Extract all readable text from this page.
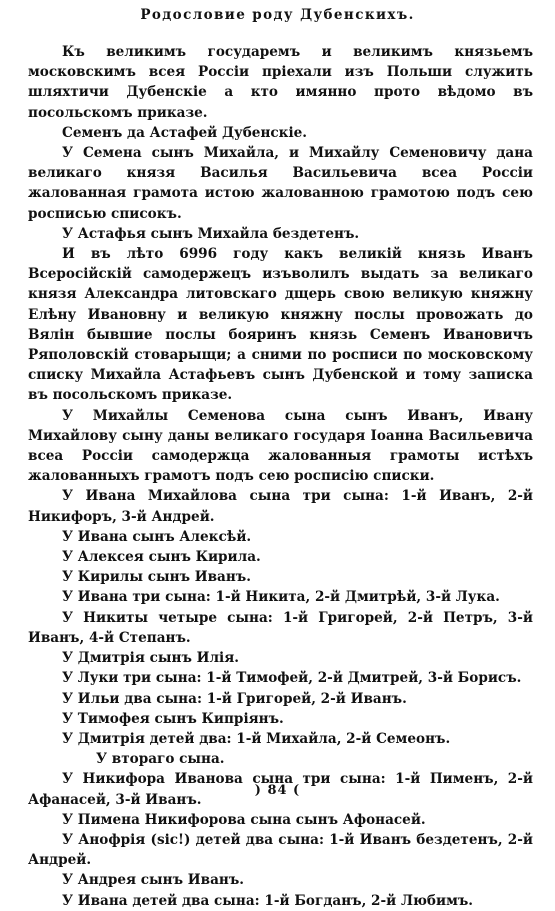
Родословие роду Дубенскихъ.

Къ великимъ государемъ и великимъ князьемъ московскимъ всея Россіи пріехали изъ Польши служить шляхтичи Дубенскіе а кто имянно прото вѣдомо въ посольскомъ приказе.

Семенъ да Астафей Дубенскіе.

У Семена сынъ Михайла, и Михайлу Семеновичу дана великаго князя Василья Васильевича всеа Россіи жалованная грамота истою жалованною грамотою подъ сею росписью списокъ.

У Астафья сынъ Михайла бездетенъ.

И въ лѣто 6996 году какъ великій князь Иванъ Всеросійскій самодержецъ изъволилъ выдать за великаго князя Александра литовскаго дщерь свою великую княжну Елѣну Ивановну и великую княжну послы провожать до Вялін бывшие послы бояринъ князь Семенъ Ивановичъ Ряполовскій стоварыщи; а сними по росписи по московскому списку Михайла Астафьевъ сынъ Дубенской и тому записка въ посольскомъ приказе.

У Михайлы Семенова сына сынъ Иванъ, Ивану Михайлову сыну даны великаго государя Іоанна Васильевича всеа Россіи самодержца жалованныя грамоты истѣхъ жалованныхъ грамотъ подъ сею росписію списки.

У Ивана Михайлова сына три сына: 1-й Иванъ, 2-й Никифоръ, 3-й Андрей.

У Ивана сынъ Алексѣй.

У Алексея сынъ Кирила.

У Кирилы сынъ Иванъ.

У Ивана три сына: 1-й Никита, 2-й Дмитрѣй, 3-й Лука.

У Никиты четыре сына: 1-й Григорей, 2-й Петръ, 3-й Иванъ, 4-й Степанъ.

У Дмитрія сынъ Илія.

У Луки три сына: 1-й Тимофей, 2-й Дмитрей, 3-й Борисъ.

У Ильи два сына: 1-й Григорей, 2-й Иванъ.

У Тимофея сынъ Кипріянъ.

У Дмитрія детей два: 1-й Михайла, 2-й Семеонъ.

У втораго сына.

У Никифора Иванова сына три сына: 1-й Пименъ, 2-й Афанасей, 3-й Иванъ.

У Пимена Никифорова сына сынъ Афонасей.

У Анофрія (sic!) детей два сына: 1-й Иванъ бездетенъ, 2-й Андрей.

У Андрея сынъ Иванъ.

У Ивана детей два сына: 1-й Богданъ, 2-й Любимъ.

) 84 (
